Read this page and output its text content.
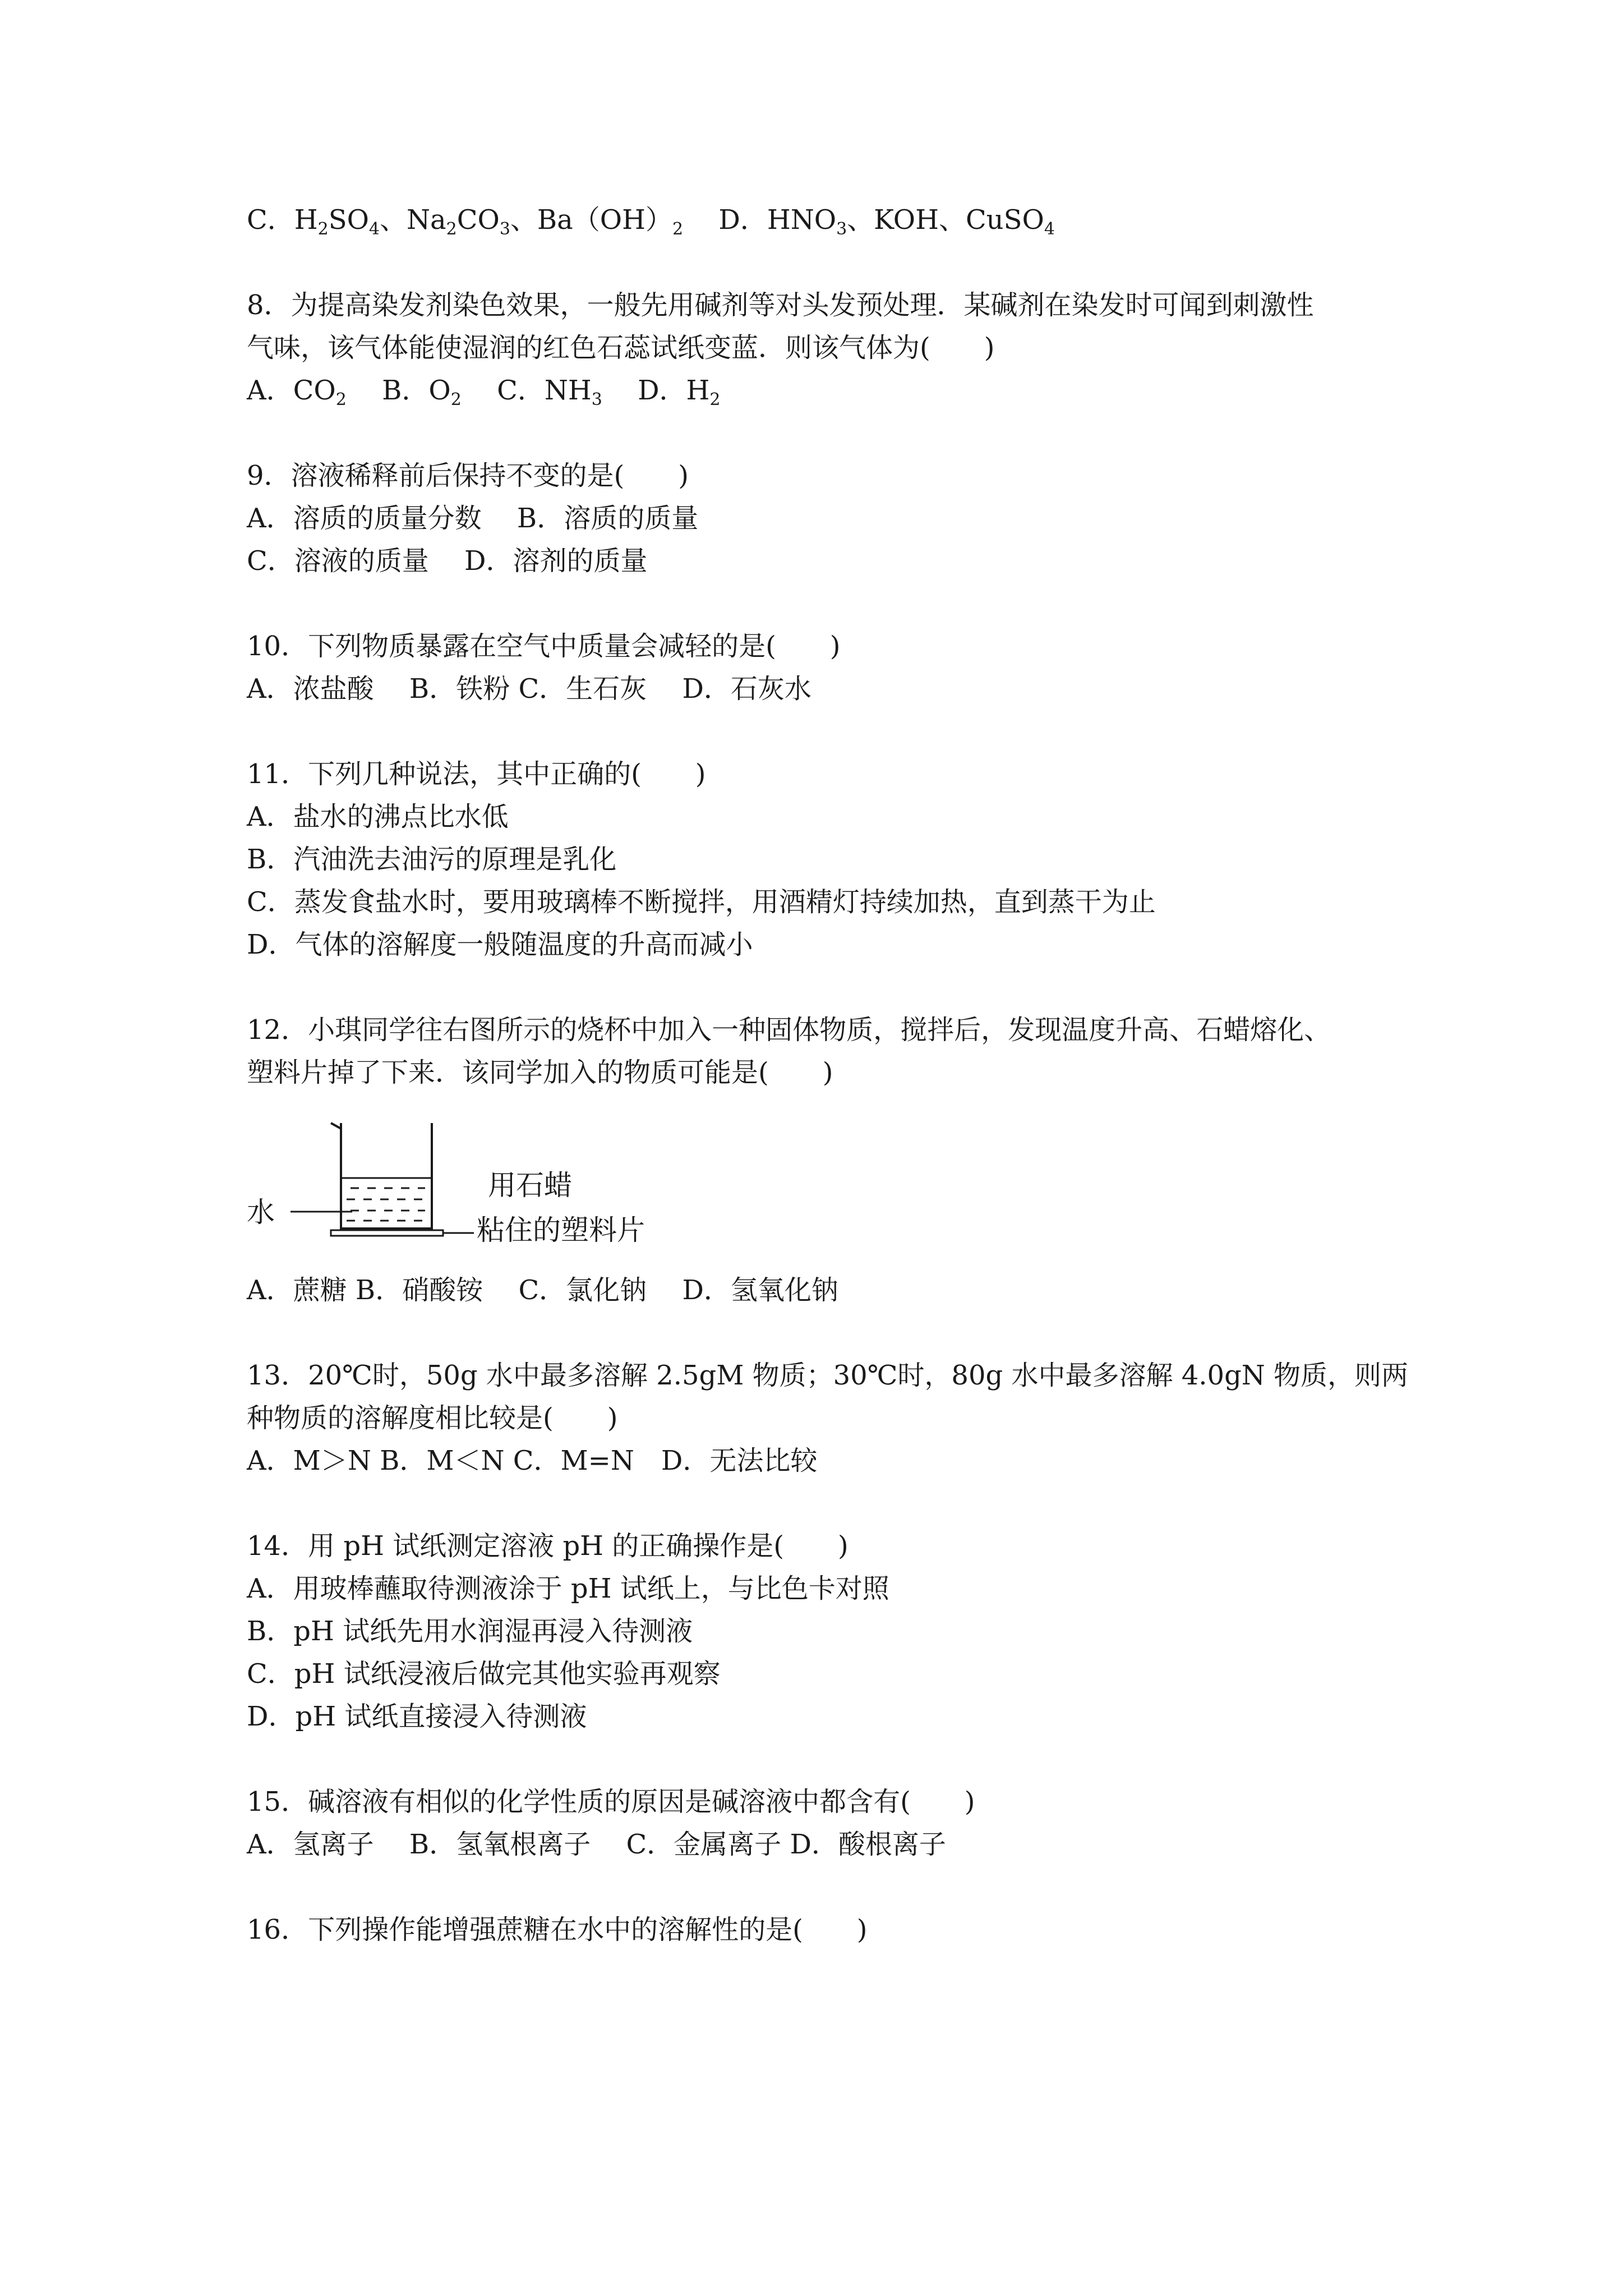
C．$H_2SO_4$、$Na_2CO_3$、$Ba(OH)_2$　 D．$HNO_3$、KOH、CuSO$_4$
8．为提高染发剂染色效果，一般先用碱剂等对头发预处理．某碱剂在染发时可闻到刺激性
气味，该气体能使湿润的红色石蕊试纸变蓝．则该气体为(　　)
A．$CO_2$　 B．$O_2$　 C．$NH_3$　 D．$H_2$
9．溶液稀释前后保持不变的是(　　)
A．溶质的质量分数　 B．溶质的质量
C．溶液的质量　 D．溶剂的质量
10．下列物质暴露在空气中质量会减轻的是(　　)
A．浓盐酸　 B．铁粉 C．生石灰　 D．石灰水
11．下列几种说法，其中正确的(　　)
A．盐水的沸点比水低
B．汽油洗去油污的原理是乳化
C．蒸发食盐水时，要用玻璃棒不断搅拌，用酒精灯持续加热，直到蒸干为止
D．气体的溶解度一般随温度的升高而减小
12．小琪同学往右图所示的烧杯中加入一种固体物质，搅拌后，发现温度升高、石蜡熔化、
塑料片掉了下来．该同学加入的物质可能是(　　)
水
用石蜡
粘住的塑料片
A．蔗糖 B．硝酸铵　 C．氯化钠　 D．氢氧化钠
13．20℃时，50g 水中最多溶解 2.5gM 物质；30℃时，80g 水中最多溶解 4.0gN 物质，则两
种物质的溶解度相比较是(　　)
A．M＞N B．M＜N C．M=N　D．无法比较
14．用 pH 试纸测定溶液 pH 的正确操作是(　　)
A．用玻棒蘸取待测液涂于 pH 试纸上，与比色卡对照
B．pH 试纸先用水润湿再浸入待测液
C．pH 试纸浸液后做完其他实验再观察
D．pH 试纸直接浸入待测液
15．碱溶液有相似的化学性质的原因是碱溶液中都含有(　　)
A．氢离子　 B．氢氧根离子　 C．金属离子 D．酸根离子
16．下列操作能增强蔗糖在水中的溶解性的是(　　)
